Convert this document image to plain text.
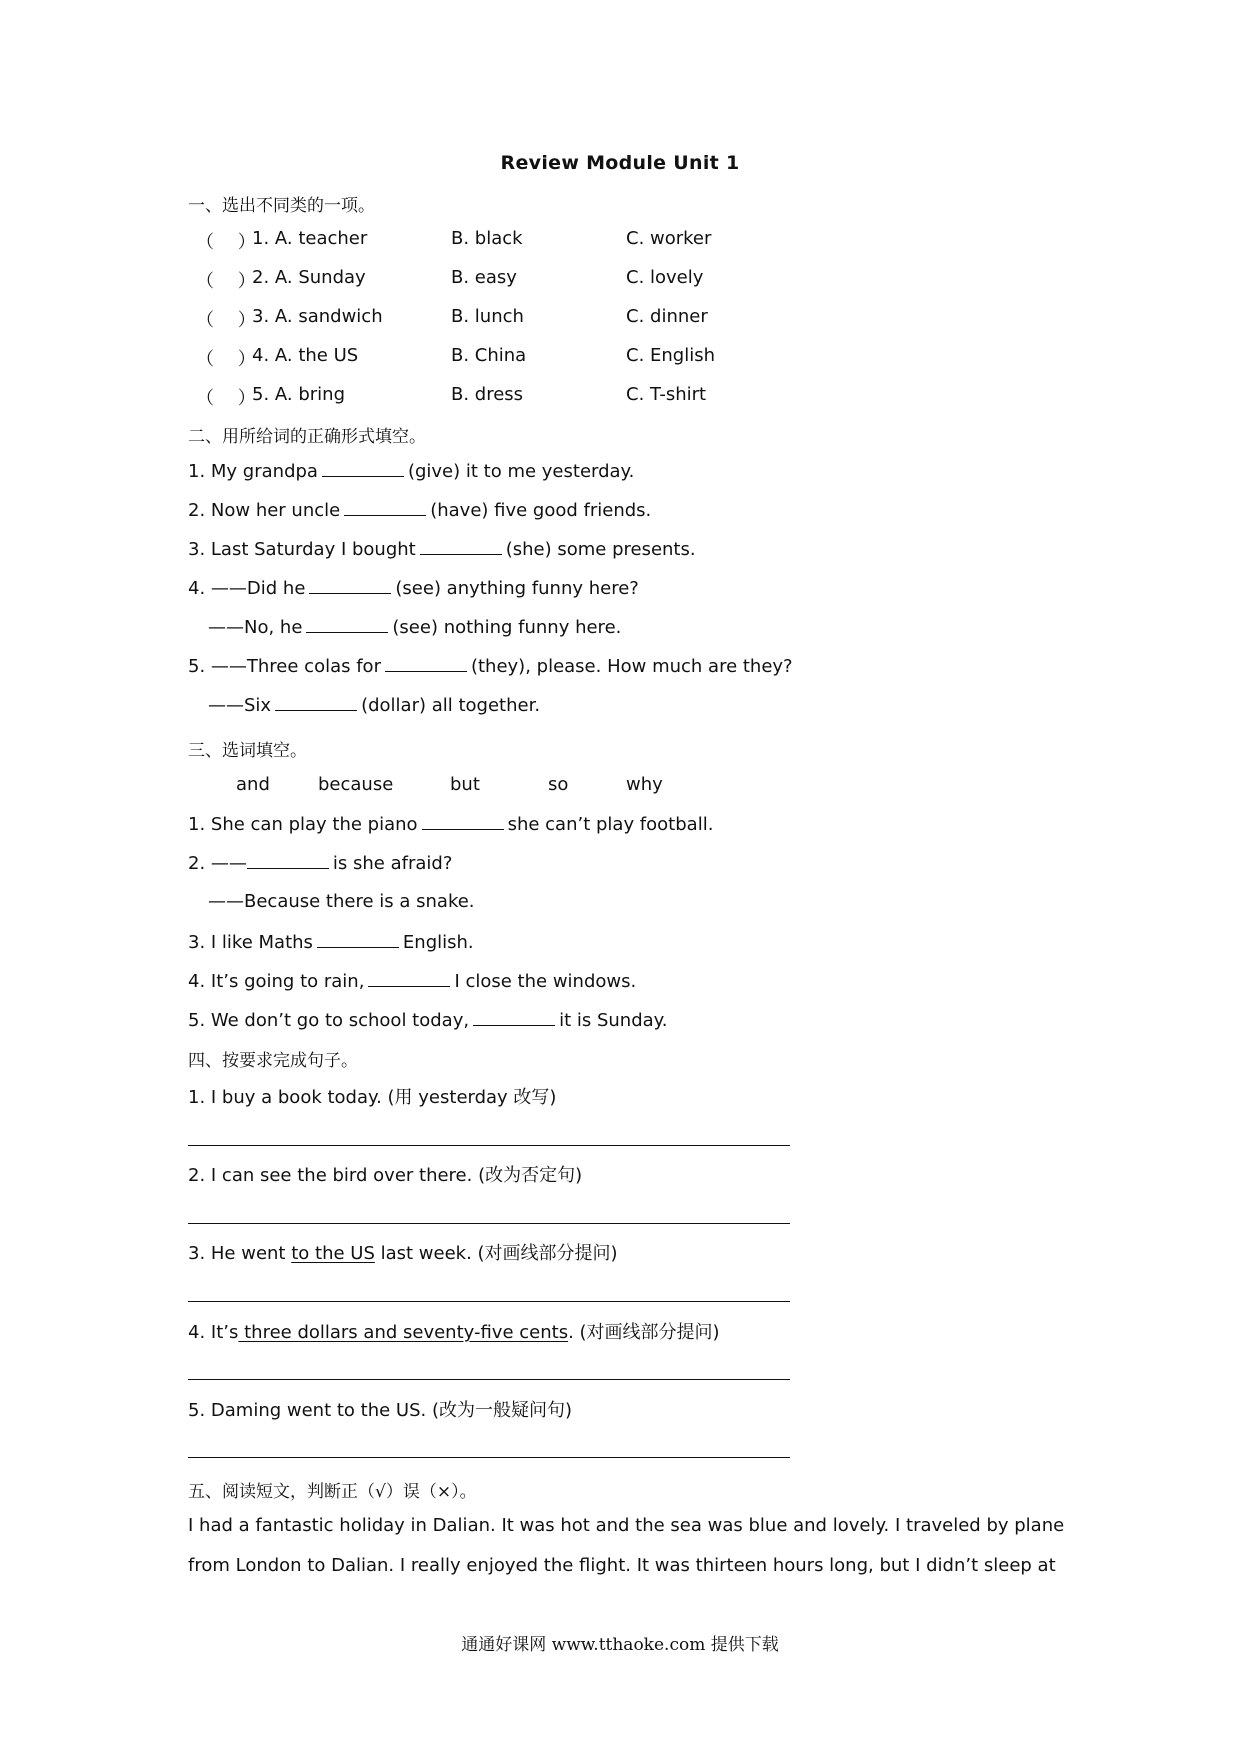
Review Module Unit 1
一、选出不同类的一项。
（　 ）
1. A. teacher	B. black	C. worker
（　 ）
2. A. Sunday	B. easy	C. lovely
（　 ）
3. A. sandwich	B. lunch	C. dinner
（　 ）
4. A. the US	B. China	C. English
（　 ）
5. A. bring	B. dress	C. T-shirt
二、用所给词的正确形式填空。
1. My grandpa	(give) it to me yesterday.
2. Now her uncle	(have) five good friends.
3. Last Saturday I bought	(she) some presents.
4. ——Did he	(see) anything funny here?
——No, he	(see) nothing funny here.
5. ——Three colas for	(they), please. How much are they?
——Six	(dollar) all together.
三、选词填空。
and	because	but	so	why
1. She can play the piano	she can’t play football.
2. ——	is she afraid?
——Because there is a snake.
3. I like Maths	English.
4. It’s going to rain,	I close the windows.
5. We don’t go to school today,	it is Sunday.
四、按要求完成句子。
1. I buy a book today. (用 yesterday 改写)
2. I can see the bird over there. (改为否定句)
3. He went to the US last week. (对画线部分提问)
4. It’s three dollars and seventy-five cents. (对画线部分提问)
5. Daming went to the US. (改为一般疑问句)
五、阅读短文，判断正（√）误（×）。
I had a fantastic holiday in Dalian. It was hot and the sea was blue and lovely. I traveled by plane
from London to Dalian. I really enjoyed the flight. It was thirteen hours long, but I didn’t sleep at
通通好课网 www.tthaoke.com 提供下载
